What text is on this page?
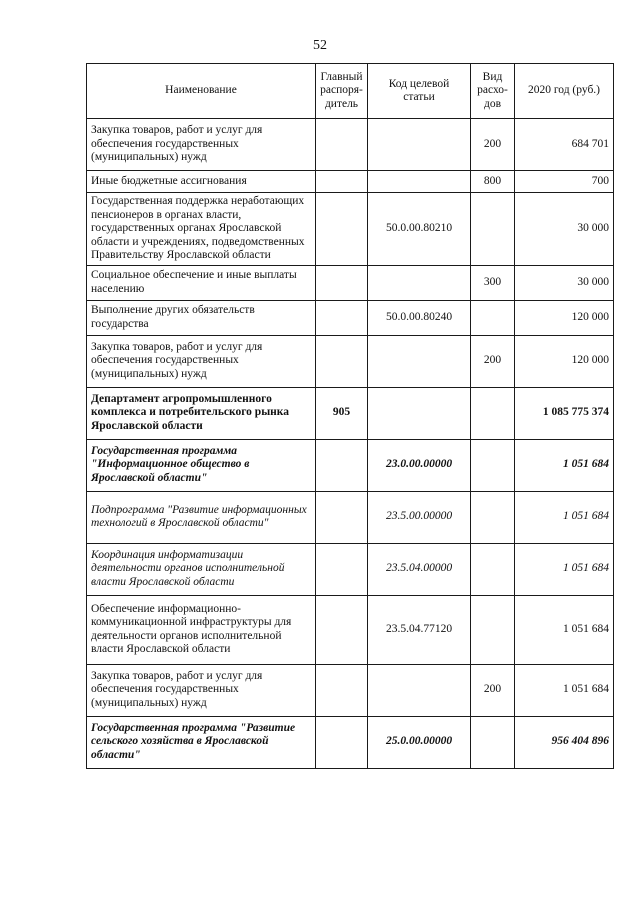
52
Наименование	Главный распоря-дитель	Код целевой статьи	Вид расхо-дов	2020 год (руб.)
Закупка товаров, работ и услуг для обеспечения государственных (муниципальных) нужд			200	684 701
Иные бюджетные ассигнования			800	700
Государственная поддержка неработающих пенсионеров в органах власти, государственных органах Ярославской области и учреждениях, подведомственных Правительству Ярославской области		50.0.00.80210		30 000
Социальное обеспечение и иные выплаты населению			300	30 000
Выполнение других обязательств государства		50.0.00.80240		120 000
Закупка товаров, работ и услуг для обеспечения государственных (муниципальных) нужд			200	120 000
Департамент агропромышленного комплекса и потребительского рынка Ярославской области	905			1 085 775 374
Государственная программа "Информационное общество в Ярославской области"		23.0.00.00000		1 051 684
Подпрограмма "Развитие информационных технологий в Ярославской области"		23.5.00.00000		1 051 684
Координация информатизации деятельности органов исполнительной власти Ярославской области		23.5.04.00000		1 051 684
Обеспечение информационно-коммуникационной инфраструктуры для деятельности органов исполнительной власти Ярославской области		23.5.04.77120		1 051 684
Закупка товаров, работ и услуг для обеспечения государственных (муниципальных) нужд			200	1 051 684
Государственная программа "Развитие сельского хозяйства в Ярославской области"		25.0.00.00000		956 404 896
